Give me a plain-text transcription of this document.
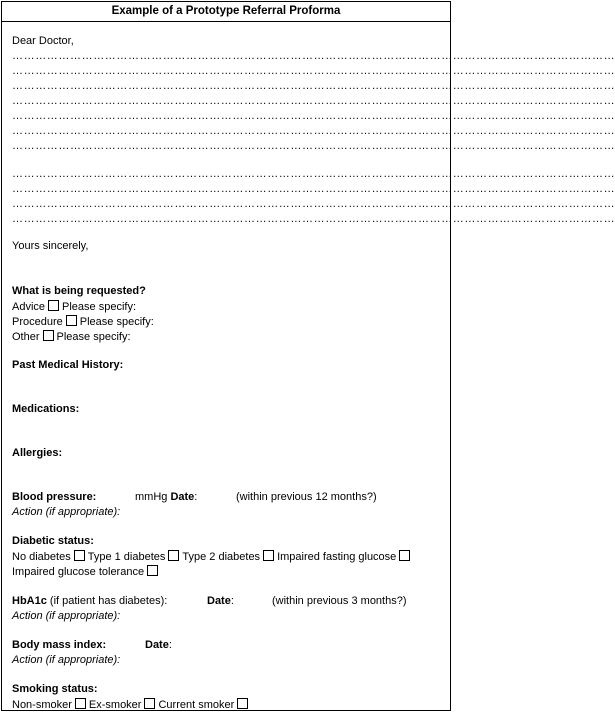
Example of a Prototype Referral Proforma
Dear Doctor,
…………………………………………………………………………………………………………………………………………
…………………………………………………………………………………………………………………………………………
…………………………………………………………………………………………………………………………………………
…………………………………………………………………………………………………………………………………………
…………………………………………………………………………………………………………………………………………
…………………………………………………………………………………………………………………………………………
…………………………………………………………………………………………………………………………………………
…………………………………………………………………………………………………………………………………………
…………………………………………………………………………………………………………………………………………
…………………………………………………………………………………………………………………………………………
…………………………………………………………………………………………………………………………………………
Yours sincerely,
What is being requested?
Advice Please specify:
Procedure Please specify:
Other Please specify:
Past Medical History:
Medications:
Allergies:
Blood pressure:	mmHg Date:	(within previous 12 months?)
Action (if appropriate):
Diabetic status:
No diabetes Type 1 diabetes Type 2 diabetes Impaired fasting glucose
Impaired glucose tolerance
HbA1c (if patient has diabetes):	Date:	(within previous 3 months?)
Action (if appropriate):
Body mass index:	Date:
Action (if appropriate):
Smoking status:
Non-smoker Ex-smoker Current smoker
